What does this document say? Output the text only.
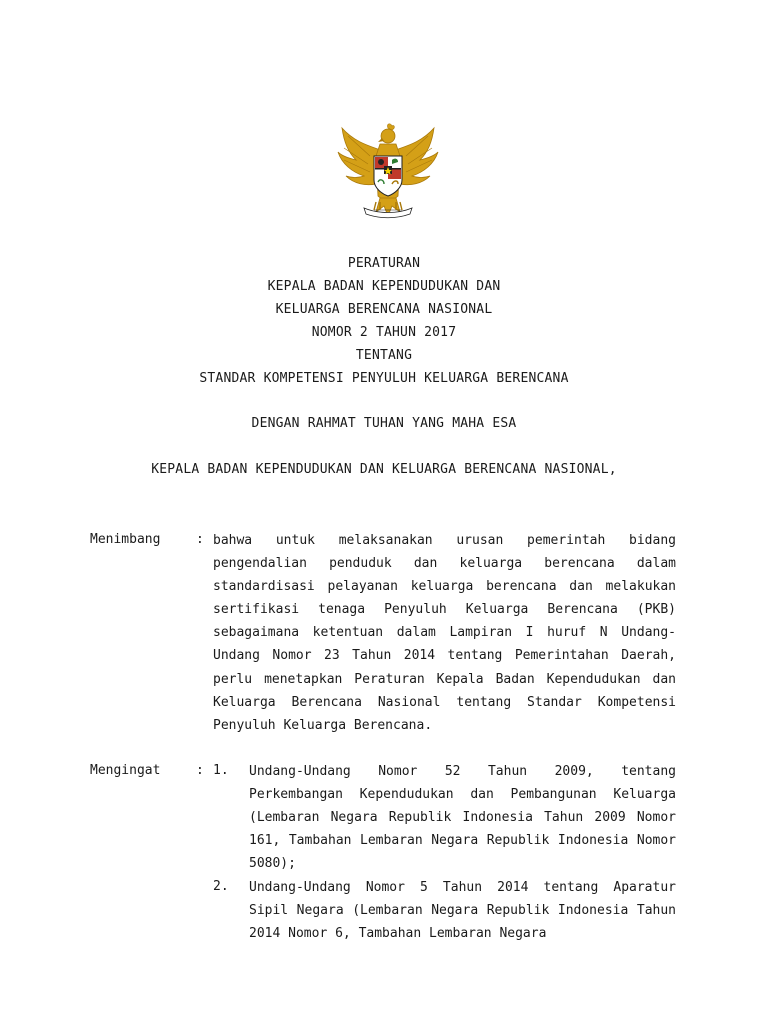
PERATURAN
KEPALA BADAN KEPENDUDUKAN DAN
KELUARGA BERENCANA NASIONAL
NOMOR 2 TAHUN 2017
TENTANG
STANDAR KOMPETENSI PENYULUH KELUARGA BERENCANA
DENGAN RAHMAT TUHAN YANG MAHA ESA
KEPALA BADAN KEPENDUDUKAN DAN KELUARGA BERENCANA NASIONAL,
Menimbang	: bahwa untuk melaksanakan urusan pemerintah bidang pengendalian penduduk dan keluarga berencana dalam standardisasi pelayanan keluarga berencana dan melakukan sertifikasi tenaga Penyuluh Keluarga Berencana (PKB) sebagaimana ketentuan dalam Lampiran I huruf N Undang-Undang Nomor 23 Tahun 2014 tentang Pemerintahan Daerah, perlu menetapkan Peraturan Kepala Badan Kependudukan dan Keluarga Berencana Nasional tentang Standar Kompetensi Penyuluh Keluarga Berencana.
Mengingat	: 1. Undang-Undang Nomor 52 Tahun 2009, tentang Perkembangan Kependudukan dan Pembangunan Keluarga (Lembaran Negara Republik Indonesia Tahun 2009 Nomor 161, Tambahan Lembaran Negara Republik Indonesia Nomor 5080);
2. Undang-Undang Nomor 5 Tahun 2014 tentang Aparatur Sipil Negara (Lembaran Negara Republik Indonesia Tahun 2014 Nomor 6, Tambahan Lembaran Negara
